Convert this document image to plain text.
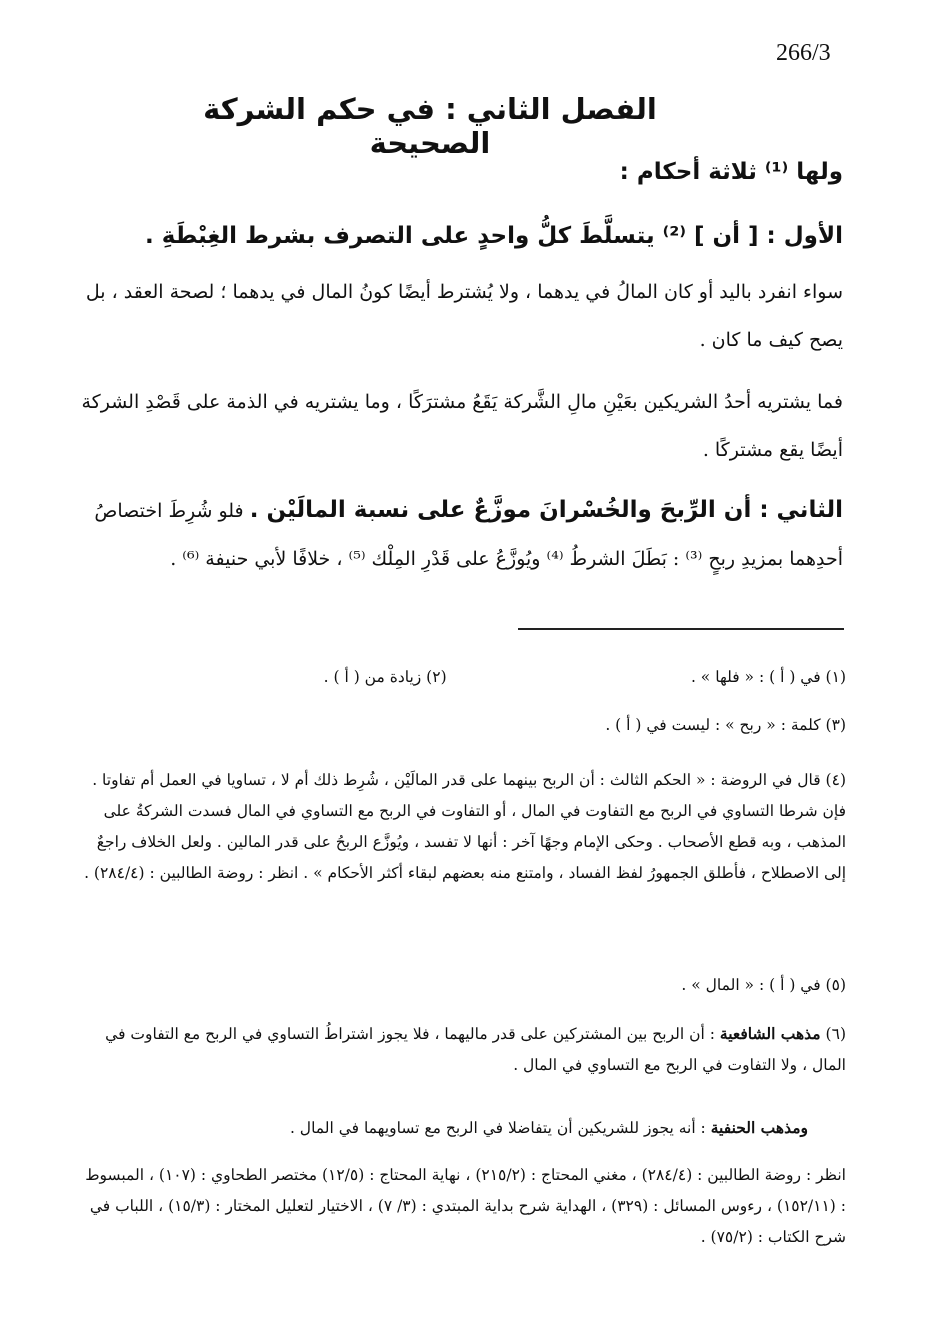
266/3
الفصل الثاني : في حكم الشركة الصحيحة
ولها ⁽¹⁾ ثلاثة أحكام :
الأول : [ أن ] ⁽²⁾ يتسلَّطَ كلُّ واحدٍ على التصرف بشرط الغِبْطَةِ .
سواء انفرد باليد أو كان المالُ في يدهما ، ولا يُشترط أيضًا كونُ المال في يدهما ؛ لصحة العقد ، بل يصح كيف ما كان .
فما يشتريه أحدُ الشريكين بعَيْنِ مالِ الشَّركة يَقَعُ مشترَكًا ، وما يشتريه في الذمة على قَصْدِ الشركة أيضًا يقع مشتركًا .
الثاني : أن الرِّبحَ والخُسْرانَ موزَّعٌ على نسبة المالَيْن . فلو شُرِطَ اختصاصُ أحدِهما بمزيدِ ربحٍ ⁽³⁾ : بَطَلَ الشرطُ ⁽⁴⁾ ويُوزَّعُ على قَدْرِ المِلْك ⁽⁵⁾ ، خلافًا لأبي حنيفة ⁽⁶⁾ .
(١) في ( أ ) : « فلها » .
(٢) زيادة من ( أ ) .
(٣) كلمة : « ربح » : ليست في ( أ ) .
(٤) قال في الروضة : « الحكم الثالث : أن الربح بينهما على قدر المالَيْن ، شُرِط ذلك أم لا ، تساويا في العمل أم تفاوتا . فإن شرطا التساوي في الربح مع التفاوت في المال ، أو التفاوت في الربح مع التساوي في المال فسدت الشركةُ على المذهب ، وبه قطع الأصحاب . وحكى الإمام وجهًا آخر : أنها لا تفسد ، ويُوزَّع الربحُ على قدر المالين . ولعل الخلاف راجعٌ إلى الاصطلاح ، فأطلق الجمهورُ لفظ الفساد ، وامتنع منه بعضهم لبقاء أكثر الأحكام » . انظر : روضة الطالبين : (٢٨٤/٤) .
(٥) في ( أ ) : « المال » .
(٦) مذهب الشافعية : أن الربح بين المشتركين على قدر ماليهما ، فلا يجوز اشتراطُ التساوي في الربح مع التفاوت في المال ، ولا التفاوت في الربح مع التساوي في المال .
ومذهب الحنفية : أنه يجوز للشريكين أن يتفاضلا في الربح مع تساويهما في المال .
انظر : روضة الطالبين : (٢٨٤/٤) ، مغني المحتاج : (٢١٥/٢) ، نهاية المحتاج : (١٢/٥) مختصر الطحاوي : (١٠٧) ، المبسوط : (١٥٢/١١) ، رءوس المسائل : (٣٢٩) ، الهداية شرح بداية المبتدي : (٣/ ٧) ، الاختيار لتعليل المختار : (١٥/٣) ، اللباب في شرح الكتاب : (٧٥/٢) .
